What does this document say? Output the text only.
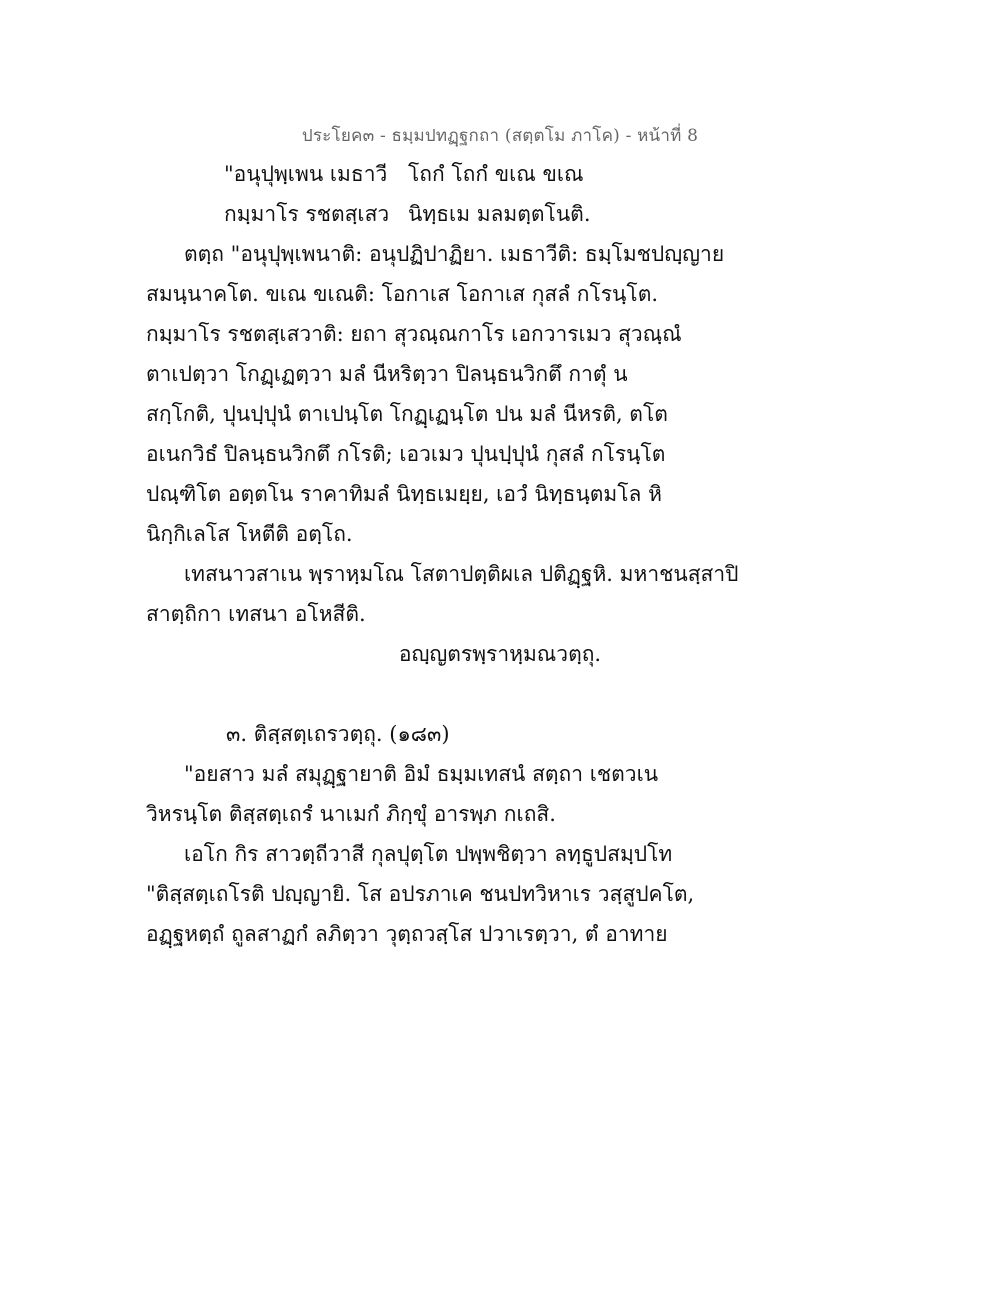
ประโยค๓ - ธมฺมปทฏฺฐกถา (สตฺตโม ภาโค) - หน้าที่ 8
"อนุปุพฺเพน เมธาวี โถกํ โถกํ ขเณ ขเณ
กมฺมาโร รชตสฺเสว นิทฺธเม มลมตฺตโนติ.
ตตฺถ "อนุปุพฺเพนาติ: อนุปฏิปาฏิยา. เมธาวีติ: ธมฺโมชปญฺญาย
สมนฺนาคโต. ขเณ ขเณติ: โอกาเส โอกาเส กุสลํ กโรนฺโต.
กมฺมาโร รชตสฺเสวาติ: ยถา สุวณฺณกาโร เอกวารเมว สุวณฺณํ
ตาเปตฺวา โกฏฺเฏตฺวา มลํ นีหริตฺวา ปิลนฺธนวิกตึ กาตุํ น
สกฺโกติ, ปุนปฺปุนํ ตาเปนฺโต โกฏฺเฏนฺโต ปน มลํ นีหรติ, ตโต
อเนกวิธํ ปิลนฺธนวิกตึ กโรติ; เอวเมว ปุนปฺปุนํ กุสลํ กโรนฺโต
ปณฺฑิโต อตฺตโน ราคาทิมลํ นิทฺธเมยฺย, เอวํ นิทฺธนฺตมโล หิ
นิกฺกิเลโส โหตีติ อตฺโถ.
เทสนาวสาเน พฺราหฺมโณ โสตาปตฺติผเล ปติฏฺฐหิ. มหาชนสฺสาปิ
สาตฺถิกา เทสนา อโหสีติ.
อญฺญตรพฺราหฺมณวตฺถุ.
๓. ติสฺสตฺเถรวตฺถุ. (๑๘๓)
"อยสาว มลํ สมุฏฺฐายาติ อิมํ ธมฺมเทสนํ สตฺถา เชตวเน
วิหรนฺโต ติสฺสตฺเถรํ นาเมกํ ภิกฺขุํ อารพฺภ กเถสิ.
เอโก กิร สาวตฺถีวาสี กุลปุตฺโต ปพฺพชิตฺวา ลทฺธูปสมฺปโท
"ติสฺสตฺเถโรติ ปญฺญายิ. โส อปรภาเค ชนปทวิหาเร วสฺสูปคโต,
อฏฺฐหตฺถํ ถูลสาฏกํ ลภิตฺวา วุตฺถวสฺโส ปวาเรตฺวา, ตํ อาทาย
